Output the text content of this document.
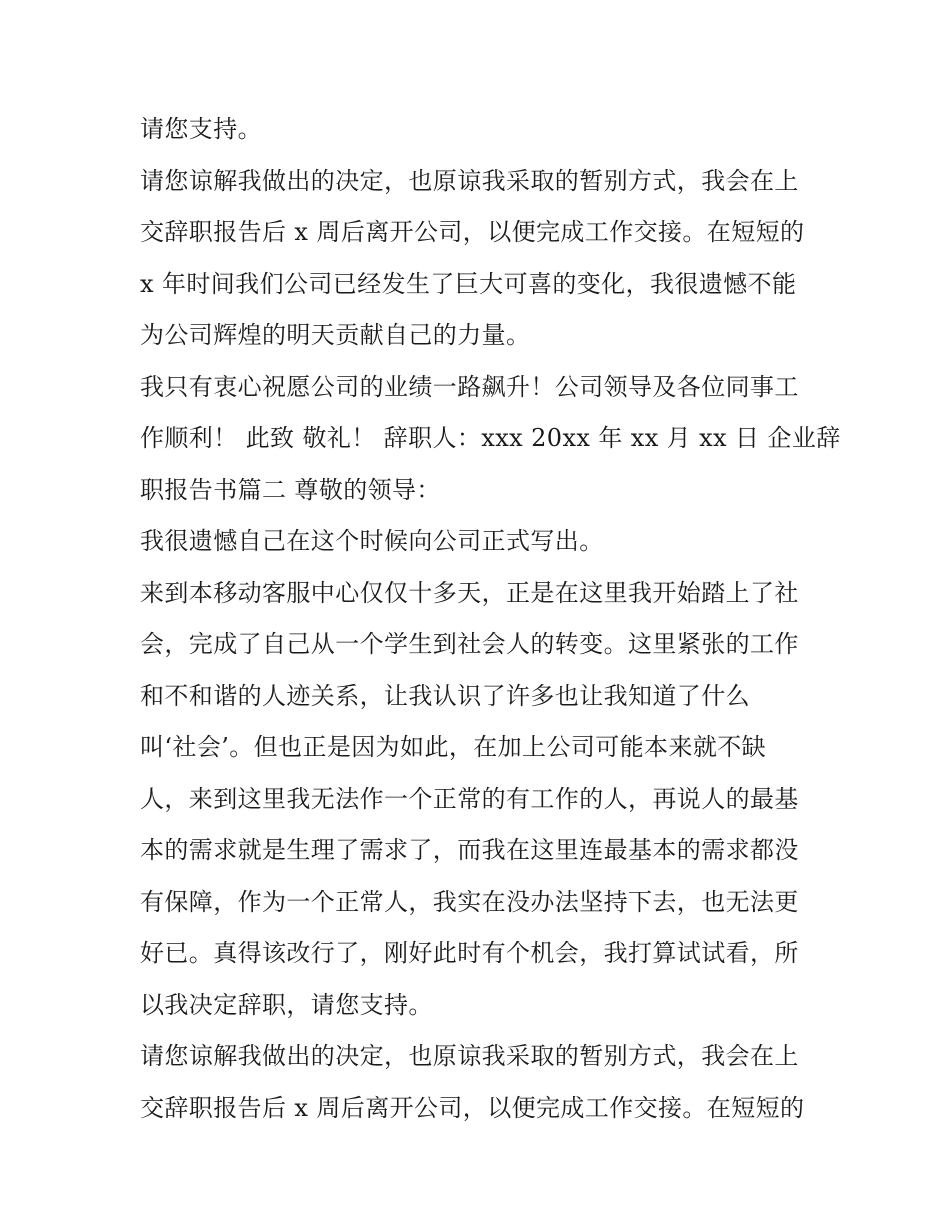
请您支持。
请您谅解我做出的决定，也原谅我采取的暂别方式，我会在上
交辞职报告后 x 周后离开公司，以便完成工作交接。在短短的
x 年时间我们公司已经发生了巨大可喜的变化，我很遗憾不能
为公司辉煌的明天贡献自己的力量。
我只有衷心祝愿公司的业绩一路飙升！公司领导及各位同事工
作顺利！ 此致 敬礼！ 辞职人：xxx 20xx 年 xx 月 xx 日 企业辞
职报告书篇二 尊敬的领导：
我很遗憾自己在这个时候向公司正式写出。
来到本移动客服中心仅仅十多天，正是在这里我开始踏上了社
会，完成了自己从一个学生到社会人的转变。这里紧张的工作
和不和谐的人迹关系，让我认识了许多也让我知道了什么
叫‘社会’。但也正是因为如此，在加上公司可能本来就不缺
人，来到这里我无法作一个正常的有工作的人，再说人的最基
本的需求就是生理了需求了，而我在这里连最基本的需求都没
有保障，作为一个正常人，我实在没办法坚持下去，也无法更
好已。真得该改行了，刚好此时有个机会，我打算试试看，所
以我决定辞职，请您支持。
请您谅解我做出的决定，也原谅我采取的暂别方式，我会在上
交辞职报告后 x 周后离开公司，以便完成工作交接。在短短的
